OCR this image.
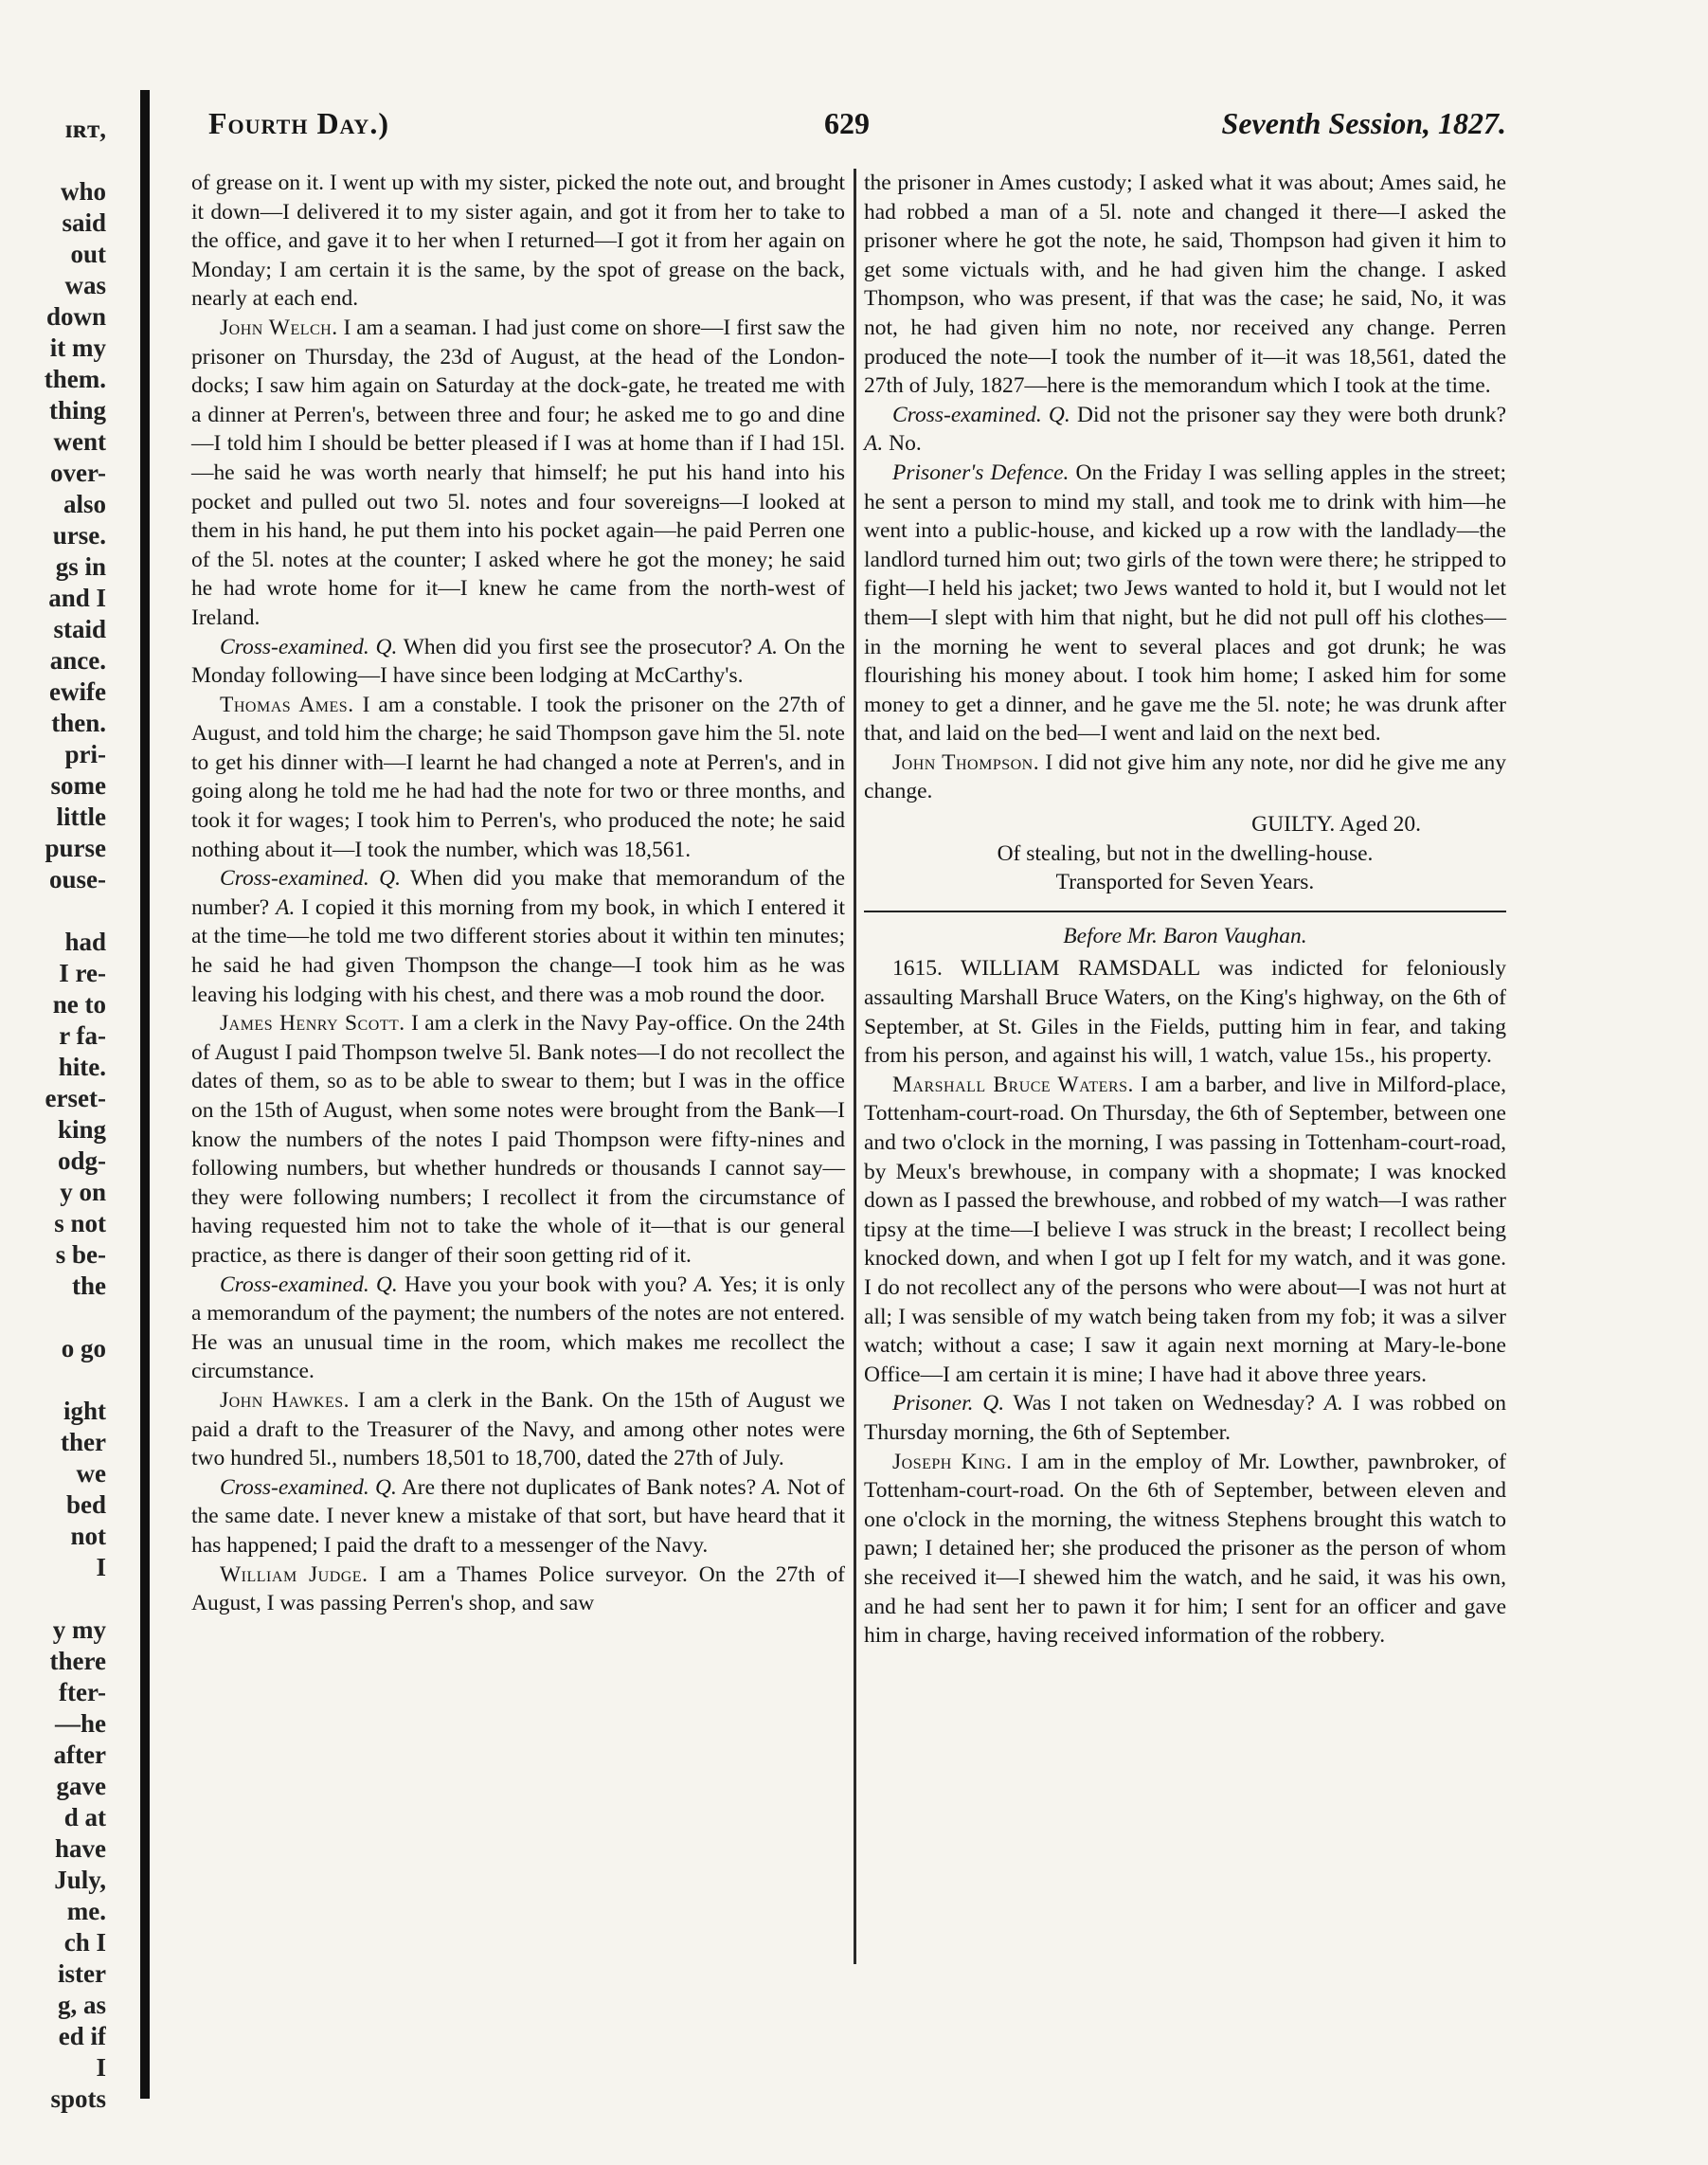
ɪʀᴛ,
who
said
out
was
down
it my
them.
thing
went
over-
also
urse.
gs in
and I
staid
ance.
ewife
then.
pri-
some
little
purse
ouse-
had
I re-
ne to
r fa-
hite.
erset-
king
odg-
y on
s not
s be-
the
o go
ight
ther
we
bed
not
I
y my
there
fter-
—he
after
gave
d at
have
July,
me.
ch I
ister
g, as
ed if
I
spots
Fourth Day.)	629	Seventh Session, 1827.

of grease on it. I went up with my sister, picked the note out, and brought it down—I delivered it to my sister again, and got it from her to take to the office, and gave it to her when I returned—I got it from her again on Monday; I am certain it is the same, by the spot of grease on the back, nearly at each end.

John Welch. I am a seaman. I had just come on shore—I first saw the prisoner on Thursday, the 23d of August, at the head of the London-docks; I saw him again on Saturday at the dock-gate, he treated me with a dinner at Perren's, between three and four; he asked me to go and dine—I told him I should be better pleased if I was at home than if I had 15l.—he said he was worth nearly that himself; he put his hand into his pocket and pulled out two 5l. notes and four sovereigns—I looked at them in his hand, he put them into his pocket again—he paid Perren one of the 5l. notes at the counter; I asked where he got the money; he said he had wrote home for it—I knew he came from the north-west of Ireland.

Cross-examined. Q. When did you first see the prosecutor? A. On the Monday following—I have since been lodging at McCarthy's.

Thomas Ames. I am a constable. I took the prisoner on the 27th of August, and told him the charge; he said Thompson gave him the 5l. note to get his dinner with—I learnt he had changed a note at Perren's, and in going along he told me he had had the note for two or three months, and took it for wages; I took him to Perren's, who produced the note; he said nothing about it—I took the number, which was 18,561.

Cross-examined. Q. When did you make that memorandum of the number? A. I copied it this morning from my book, in which I entered it at the time—he told me two different stories about it within ten minutes; he said he had given Thompson the change—I took him as he was leaving his lodging with his chest, and there was a mob round the door.

James Henry Scott. I am a clerk in the Navy Pay-office. On the 24th of August I paid Thompson twelve 5l. Bank notes—I do not recollect the dates of them, so as to be able to swear to them; but I was in the office on the 15th of August, when some notes were brought from the Bank—I know the numbers of the notes I paid Thompson were fifty-nines and following numbers, but whether hundreds or thousands I cannot say—they were following numbers; I recollect it from the circumstance of having requested him not to take the whole of it—that is our general practice, as there is danger of their soon getting rid of it.

Cross-examined. Q. Have you your book with you? A. Yes; it is only a memorandum of the payment; the numbers of the notes are not entered. He was an unusual time in the room, which makes me recollect the circumstance.

John Hawkes. I am a clerk in the Bank. On the 15th of August we paid a draft to the Treasurer of the Navy, and among other notes were two hundred 5l., numbers 18,501 to 18,700, dated the 27th of July.

Cross-examined. Q. Are there not duplicates of Bank notes? A. Not of the same date. I never knew a mistake of that sort, but have heard that it has happened; I paid the draft to a messenger of the Navy.

William Judge. I am a Thames Police surveyor. On the 27th of August, I was passing Perren's shop, and saw

the prisoner in Ames custody; I asked what it was about; Ames said, he had robbed a man of a 5l. note and changed it there—I asked the prisoner where he got the note, he said, Thompson had given it him to get some victuals with, and he had given him the change. I asked Thompson, who was present, if that was the case; he said, No, it was not, he had given him no note, nor received any change. Perren produced the note—I took the number of it—it was 18,561, dated the 27th of July, 1827—here is the memorandum which I took at the time.

Cross-examined. Q. Did not the prisoner say they were both drunk? A. No.

Prisoner's Defence. On the Friday I was selling apples in the street; he sent a person to mind my stall, and took me to drink with him—he went into a public-house, and kicked up a row with the landlady—the landlord turned him out; two girls of the town were there; he stripped to fight—I held his jacket; two Jews wanted to hold it, but I would not let them—I slept with him that night, but he did not pull off his clothes—in the morning he went to several places and got drunk; he was flourishing his money about. I took him home; I asked him for some money to get a dinner, and he gave me the 5l. note; he was drunk after that, and laid on the bed—I went and laid on the next bed.

John Thompson. I did not give him any note, nor did he give me any change.

GUILTY. Aged 20.

Of stealing, but not in the dwelling-house.

Transported for Seven Years.

Before Mr. Baron Vaughan.

1615. WILLIAM RAMSDALL was indicted for feloniously assaulting Marshall Bruce Waters, on the King's highway, on the 6th of September, at St. Giles in the Fields, putting him in fear, and taking from his person, and against his will, 1 watch, value 15s., his property.

Marshall Bruce Waters. I am a barber, and live in Milford-place, Tottenham-court-road. On Thursday, the 6th of September, between one and two o'clock in the morning, I was passing in Tottenham-court-road, by Meux's brewhouse, in company with a shopmate; I was knocked down as I passed the brewhouse, and robbed of my watch—I was rather tipsy at the time—I believe I was struck in the breast; I recollect being knocked down, and when I got up I felt for my watch, and it was gone. I do not recollect any of the persons who were about—I was not hurt at all; I was sensible of my watch being taken from my fob; it was a silver watch; without a case; I saw it again next morning at Mary-le-bone Office—I am certain it is mine; I have had it above three years.

Prisoner. Q. Was I not taken on Wednesday? A. I was robbed on Thursday morning, the 6th of September.

Joseph King. I am in the employ of Mr. Lowther, pawnbroker, of Tottenham-court-road. On the 6th of September, between eleven and one o'clock in the morning, the witness Stephens brought this watch to pawn; I detained her; she produced the prisoner as the person of whom she received it—I shewed him the watch, and he said, it was his own, and he had sent her to pawn it for him; I sent for an officer and gave him in charge, having received information of the robbery.
